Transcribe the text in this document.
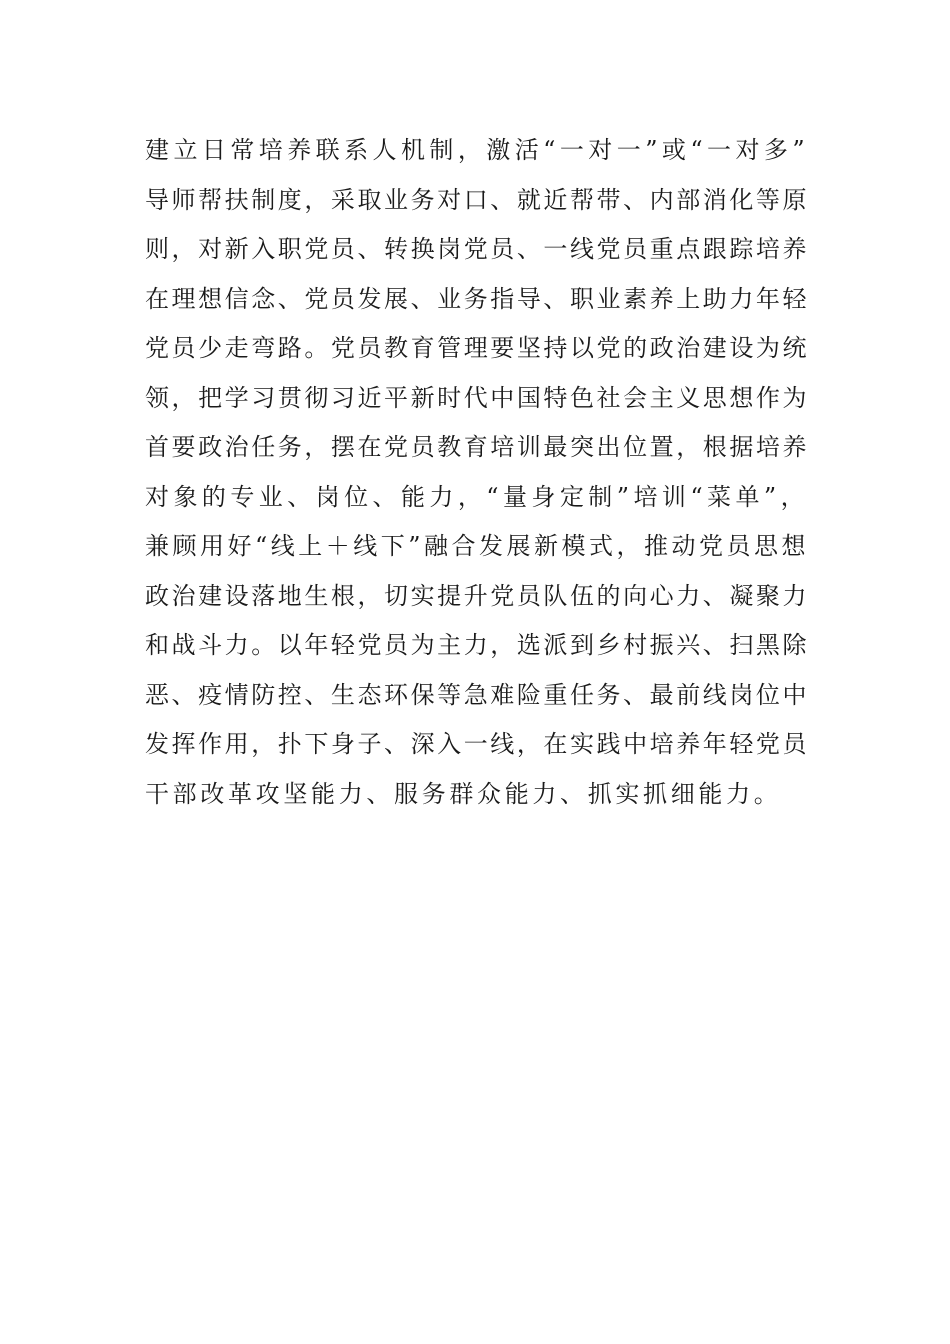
建立日常培养联系人机制，激活“一对一”或“一对多”
导师帮扶制度，采取业务对口、就近帮带、内部消化等原
则，对新入职党员、转换岗党员、一线党员重点跟踪培养
在理想信念、党员发展、业务指导、职业素养上助力年轻
党员少走弯路。党员教育管理要坚持以党的政治建设为统
领，把学习贯彻习近平新时代中国特色社会主义思想作为
首要政治任务，摆在党员教育培训最突出位置，根据培养
对象的专业、岗位、能力，“量身定制”培训“菜单”，
兼顾用好“线上＋线下”融合发展新模式，推动党员思想
政治建设落地生根，切实提升党员队伍的向心力、凝聚力
和战斗力。以年轻党员为主力，选派到乡村振兴、扫黑除
恶、疫情防控、生态环保等急难险重任务、最前线岗位中
发挥作用，扑下身子、深入一线，在实践中培养年轻党员
干部改革攻坚能力、服务群众能力、抓实抓细能力。
